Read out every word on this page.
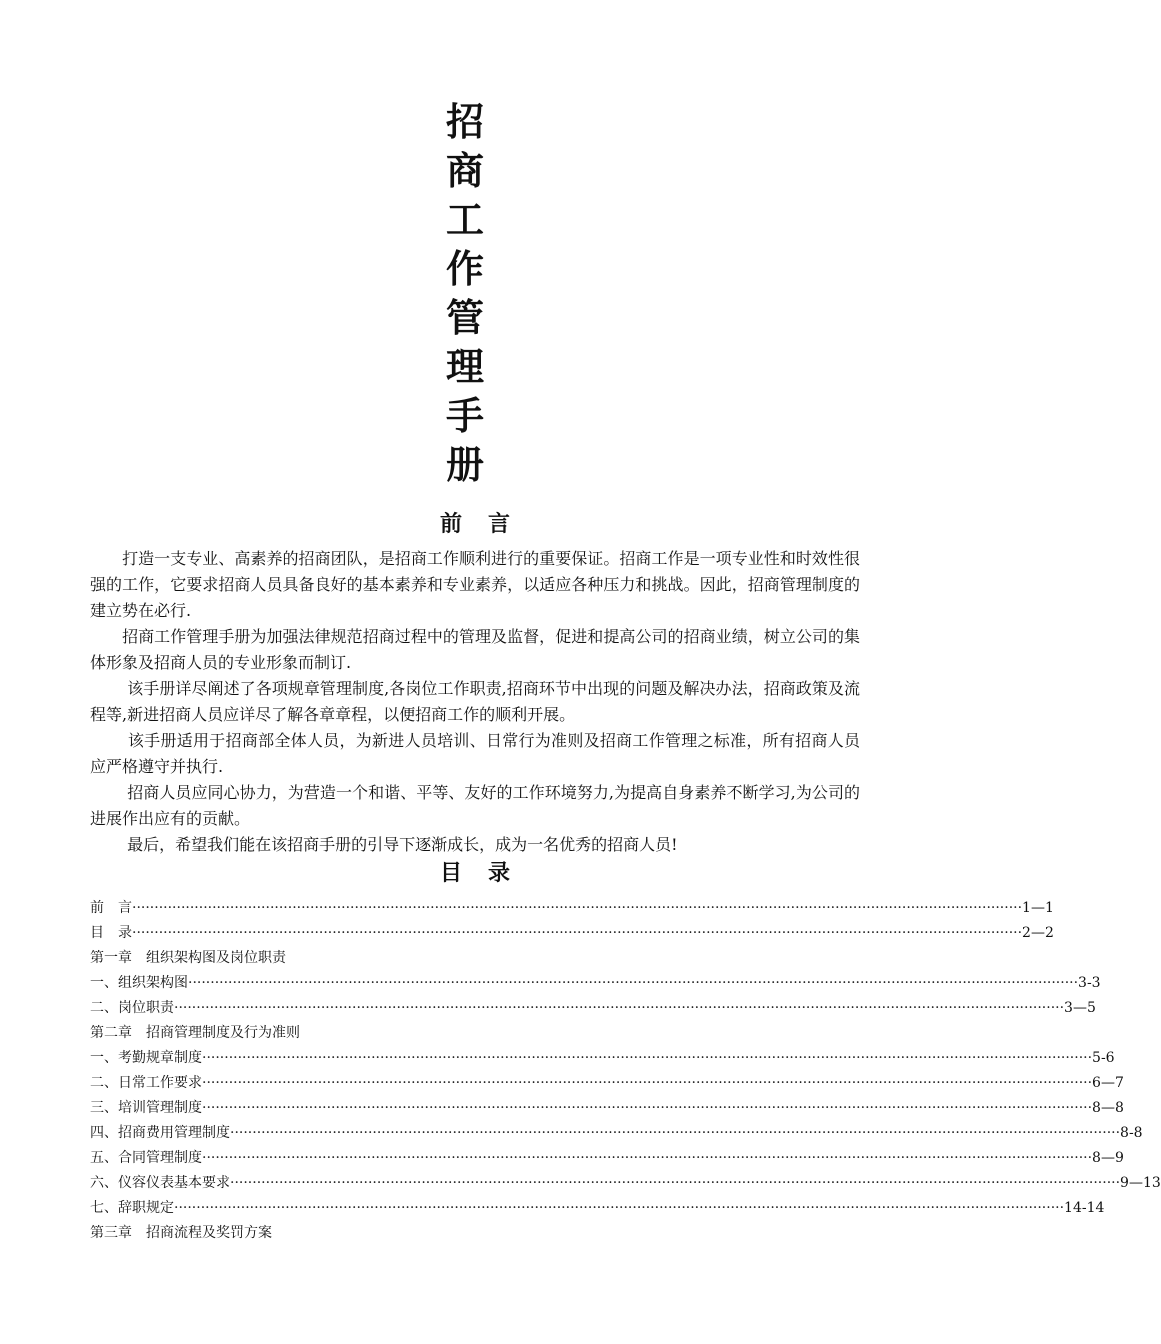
招
商
工
作
管
理
手
册
前言

　　打造一支专业、高素养的招商团队，是招商工作顺利进行的重要保证。招商工作是一项专业性和时效性很强的工作，它要求招商人员具备良好的基本素养和专业素养，以适应各种压力和挑战。因此，招商管理制度的建立势在必行.

　　招商工作管理手册为加强法律规范招商过程中的管理及监督，促进和提高公司的招商业绩，树立公司的集体形象及招商人员的专业形象而制订.

　　 该手册详尽阐述了各项规章管理制度,各岗位工作职责,招商环节中出现的问题及解决办法，招商政策及流程等,新进招商人员应详尽了解各章章程，以便招商工作的顺利开展。

　　 该手册适用于招商部全体人员，为新进人员培训、日常行为准则及招商工作管理之标准，所有招商人员应严格遵守并执行.

　　 招商人员应同心协力，为营造一个和谐、平等、友好的工作环境努力,为提高自身素养不断学习,为公司的进展作出应有的贡献。

　　 最后，希望我们能在该招商手册的引导下逐渐成长，成为一名优秀的招商人员!

目录
前　言 ········································································································································································································ 1—1
目　录 ········································································································································································································ 2—2
第一章　组织架构图及岗位职责
一、组织架构图 ········································································································································································································ 3-3
二、岗位职责 ········································································································································································································ 3—5
第二章　招商管理制度及行为准则
一、考勤规章制度 ········································································································································································································ 5-6
二、日常工作要求 ········································································································································································································ 6—7
三、培训管理制度 ········································································································································································································ 8—8
四、招商费用管理制度 ········································································································································································································ 8-8
五、合同管理制度 ········································································································································································································ 8—9
六、仪容仪表基本要求 ········································································································································································································ 9—13
七、辞职规定 ········································································································································································································ 14-14
第三章　招商流程及奖罚方案
